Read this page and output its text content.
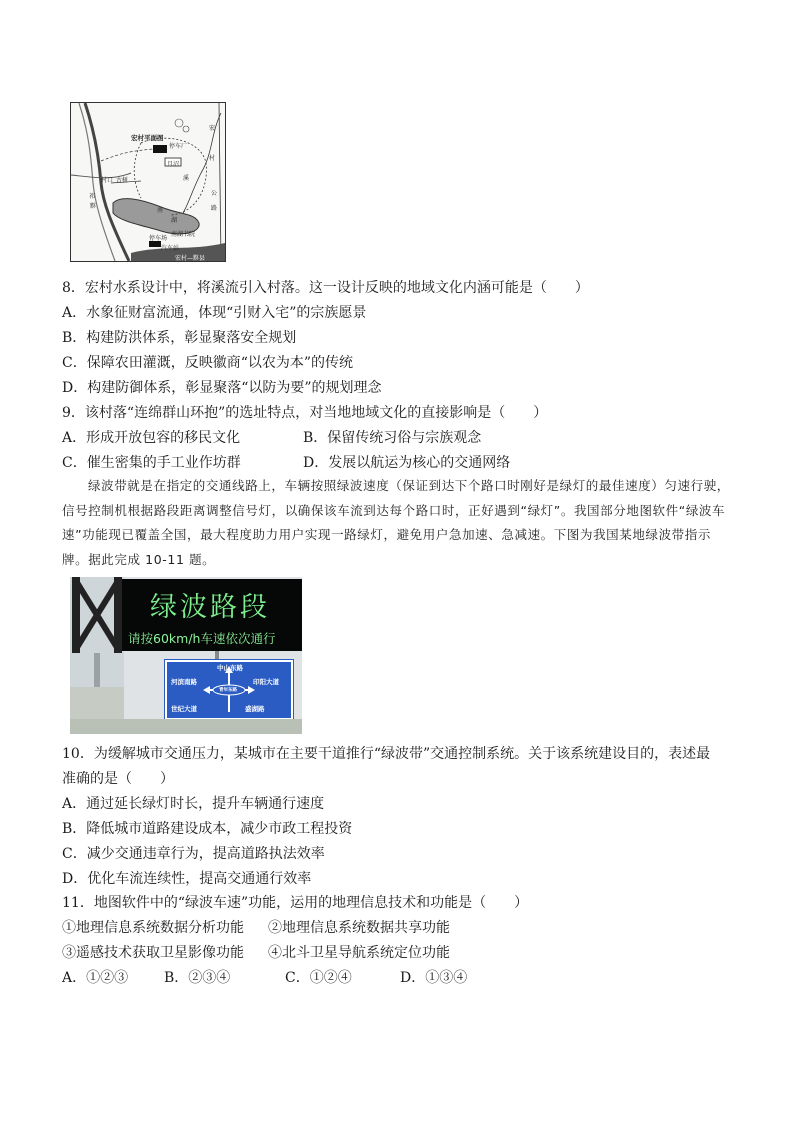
宏村平面图
停车厂
月沼
村口 古树
南
湖
祁
黟
宏
村
公
路
溪
南湖书院
停车场
汽车站
宏村—黟县
8．宏村水系设计中，将溪流引入村落。这一设计反映的地域文化内涵可能是（　　）
A．水象征财富流通，体现“引财入宅”的宗族愿景
B．构建防洪体系，彰显聚落安全规划
C．保障农田灌溉，反映徽商“以农为本”的传统
D．构建防御体系，彰显聚落“以防为要”的规划理念
9．该村落“连绵群山环抱”的选址特点，对当地地域文化的直接影响是（　　）
A．形成开放包容的移民文化	B．保留传统习俗与宗族观念
C．催生密集的手工业作坊群	D．发展以航运为核心的交通网络
绿波带就是在指定的交通线路上，车辆按照绿波速度（保证到达下个路口时刚好是绿灯的最佳速度）匀速行驶，信号控制机根据路段距离调整信号灯，以确保该车流到达每个路口时，正好遇到“绿灯”。我国部分地图软件“绿波车速”功能现已覆盖全国，最大程度助力用户实现一路绿灯，避免用户急加速、急减速。下图为我国某地绿波带指示牌。据此完成 10-11 题。
绿波路段
请按60km/h车速依次通行
中山东路
河滨南路	印阳大道
青年东路
世纪大道	盛湖路
10．为缓解城市交通压力，某城市在主要干道推行“绿波带”交通控制系统。关于该系统建设目的，表述最
准确的是（　　）
A．通过延长绿灯时长，提升车辆通行速度
B．降低城市道路建设成本，减少市政工程投资
C．减少交通违章行为，提高道路执法效率
D．优化车流连续性，提高交通通行效率
11．地图软件中的“绿波车速”功能，运用的地理信息技术和功能是（　　）
①地理信息系统数据分析功能 ②地理信息系统数据共享功能
③遥感技术获取卫星影像功能 ④北斗卫星导航系统定位功能
A．①②③	B．②③④	C．①②④	D．①③④
